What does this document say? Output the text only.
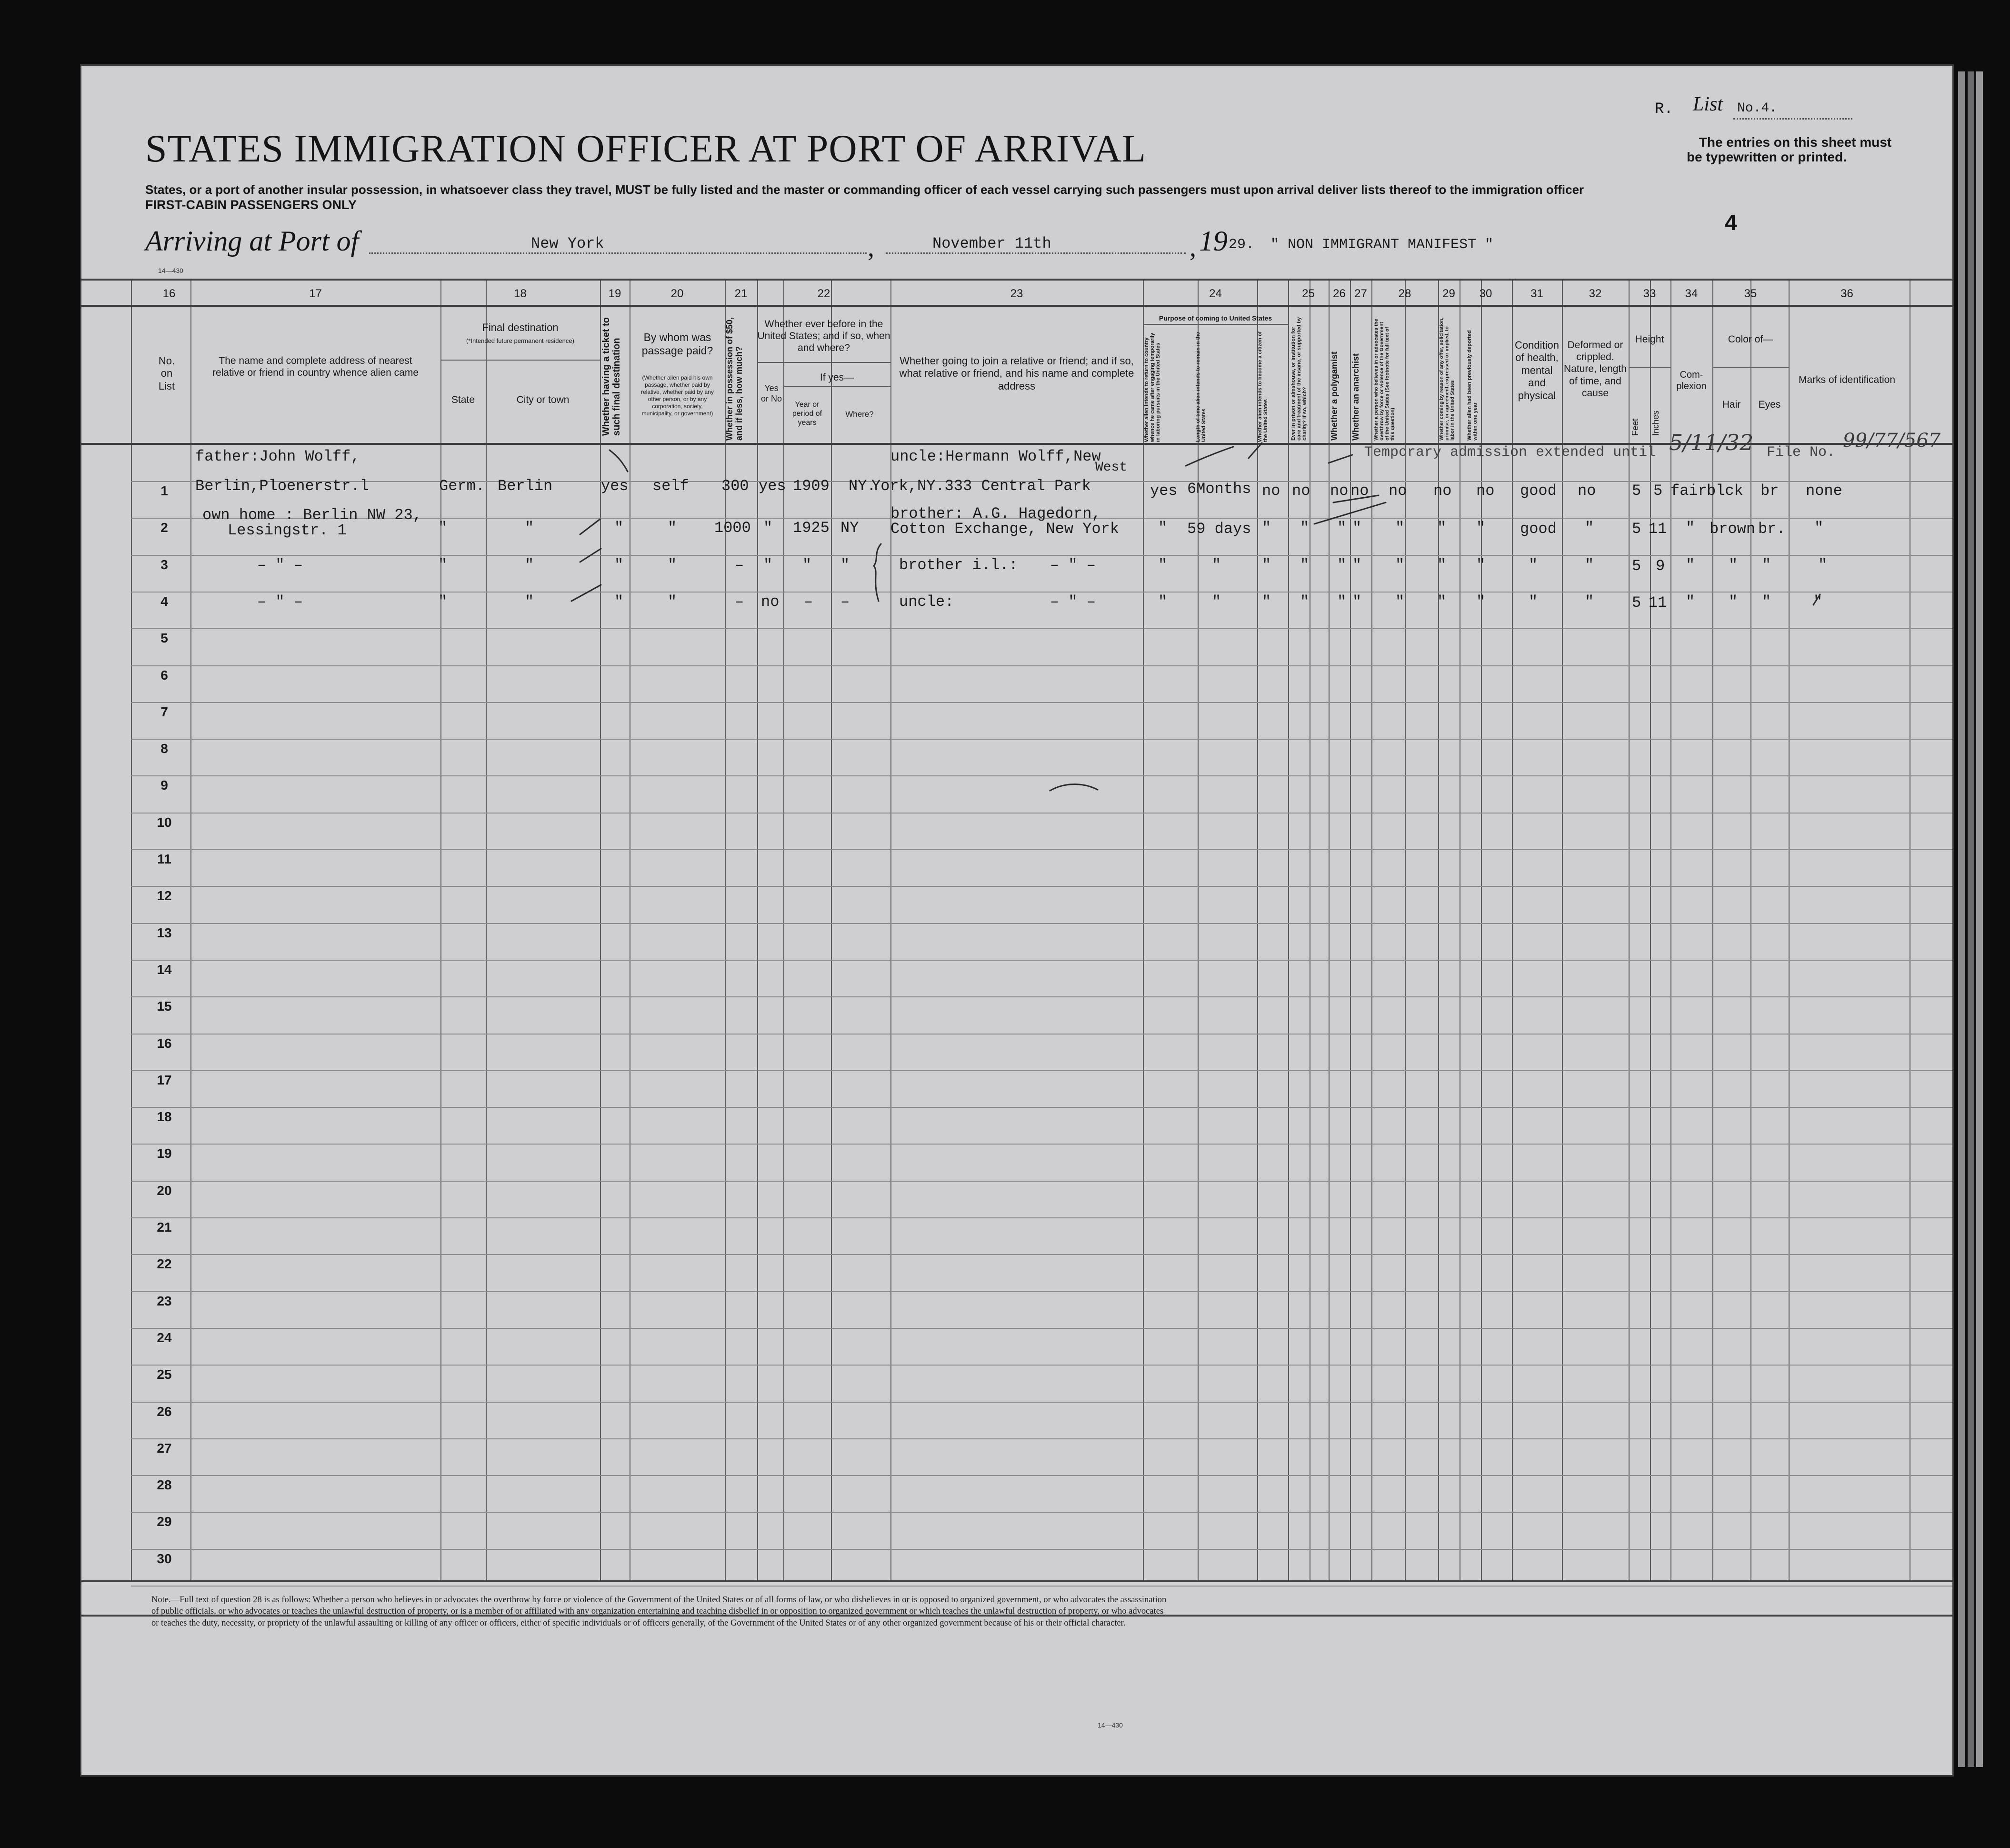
STATES IMMIGRATION OFFICER AT PORT OF ARRIVAL
States, or a port of another insular possession, in whatsoever class they travel, MUST be fully listed and the master or commanding officer of each vessel carrying such passengers must upon arrival deliver lists thereof to the immigration officer
FIRST-CABIN PASSENGERS ONLY
Arriving at Port of	New York	,	November 11th	, 19 29. " NON IMMIGRANT MANIFEST "
R. List No.4.
The entries on this sheet must
be typewritten or printed.
4
14—430
16	17	18	19	20	21	22	23	24	25	26 27	28	29	30	31	32	33	34	35	36
No. on List
The name and complete address of nearest relative or friend in country whence alien came
Final destination
(*Intended future permanent residence)
State	City or town	Whether having a ticket to such final destination
By whom was passage paid?
(Whether alien paid his own passage, whether paid by relative, whether paid by any other person, or by any corporation, society, municipality, or government)	Whether in possession of $50, and if less, how much?
Whether ever before in the United States; and if so, when and where?
Yes or No
If yes—
Year or period of years
Where?
Whether going to join a relative or friend; and if so, what relative or friend, and his name and complete address
Purpose of coming to United States
Whether alien intends to return to country whence he came after engaging temporarily in laboring pursuits in the United States	Length of time alien intends to remain in the United States	Whether alien intends to become a citizen of the United States	Ever in prison or almshouse, or institution for care and treatment of the insane, or supported by charity? If so, which?	Whether a polygamist	Whether an anarchist	Whether a person who believes in or advocates the overthrow by force or violence of the Government of the United States (See footnote for full text of this question)	Whether coming by reason of any offer, solicitation, promise, or agreement, expressed or implied, to labor in the United States	Whether alien had been previously deported within one year
Condition of health, mental and physical
Deformed or crippled. Nature, length of time, and cause
Height
Feet	Inches
Com- plexion
Color of—
Hair	Eyes
Marks of identification
1
2
3
4
5
6
7
8
9
10
11
12
13
14
15
16
17
18
19
20
21
22
23
24
25
26
27
28
29
30
father:John Wolff,
Berlin,Ploenerstr.l	Germ. Berlin	yes self 300 yes 1909 NY.
uncle:Hermann Wolff,New
West
York,NY.333 Central Park	yes 6Months no no no no no no no good no 5 5 fair blck br none
own home : Berlin NW 23,
Lessingstr. 1	"	"	"	" 1000 " 1925 NY
brother: A.G. Hagedorn,
Cotton Exchange, New York	" 59 days " " " " " " " good " 5 11 " brown br. "
– " –	"	"	"	"	– " " "	brother i.l.: – " –	"	"	" " " " " " "	"	" 5 9 " " "	"
– " –	"	"	"	"	– no – –	uncle:	– " –	"	"	" " " " " " "	"	" 5 11 " " "	"
Temporary admission extended until 5/11/32 File No.
99/77/567
Note.—Full text of question 28 is as follows: Whether a person who believes in or advocates the overthrow by force or violence of the Government of the United States or of all forms of law, or who disbelieves in or is opposed to organized government, or who advocates the assassination of public officials, or who advocates or teaches the unlawful destruction of property, or is a member of or affiliated with any organization entertaining and teaching disbelief in or opposition to organized government or which teaches the unlawful destruction of property, or who advocates or teaches the duty, necessity, or propriety of the unlawful assaulting or killing of any officer or officers, either of specific individuals or of officers generally, of the Government of the United States or of any other organized government because of his or their official character.
14—430
